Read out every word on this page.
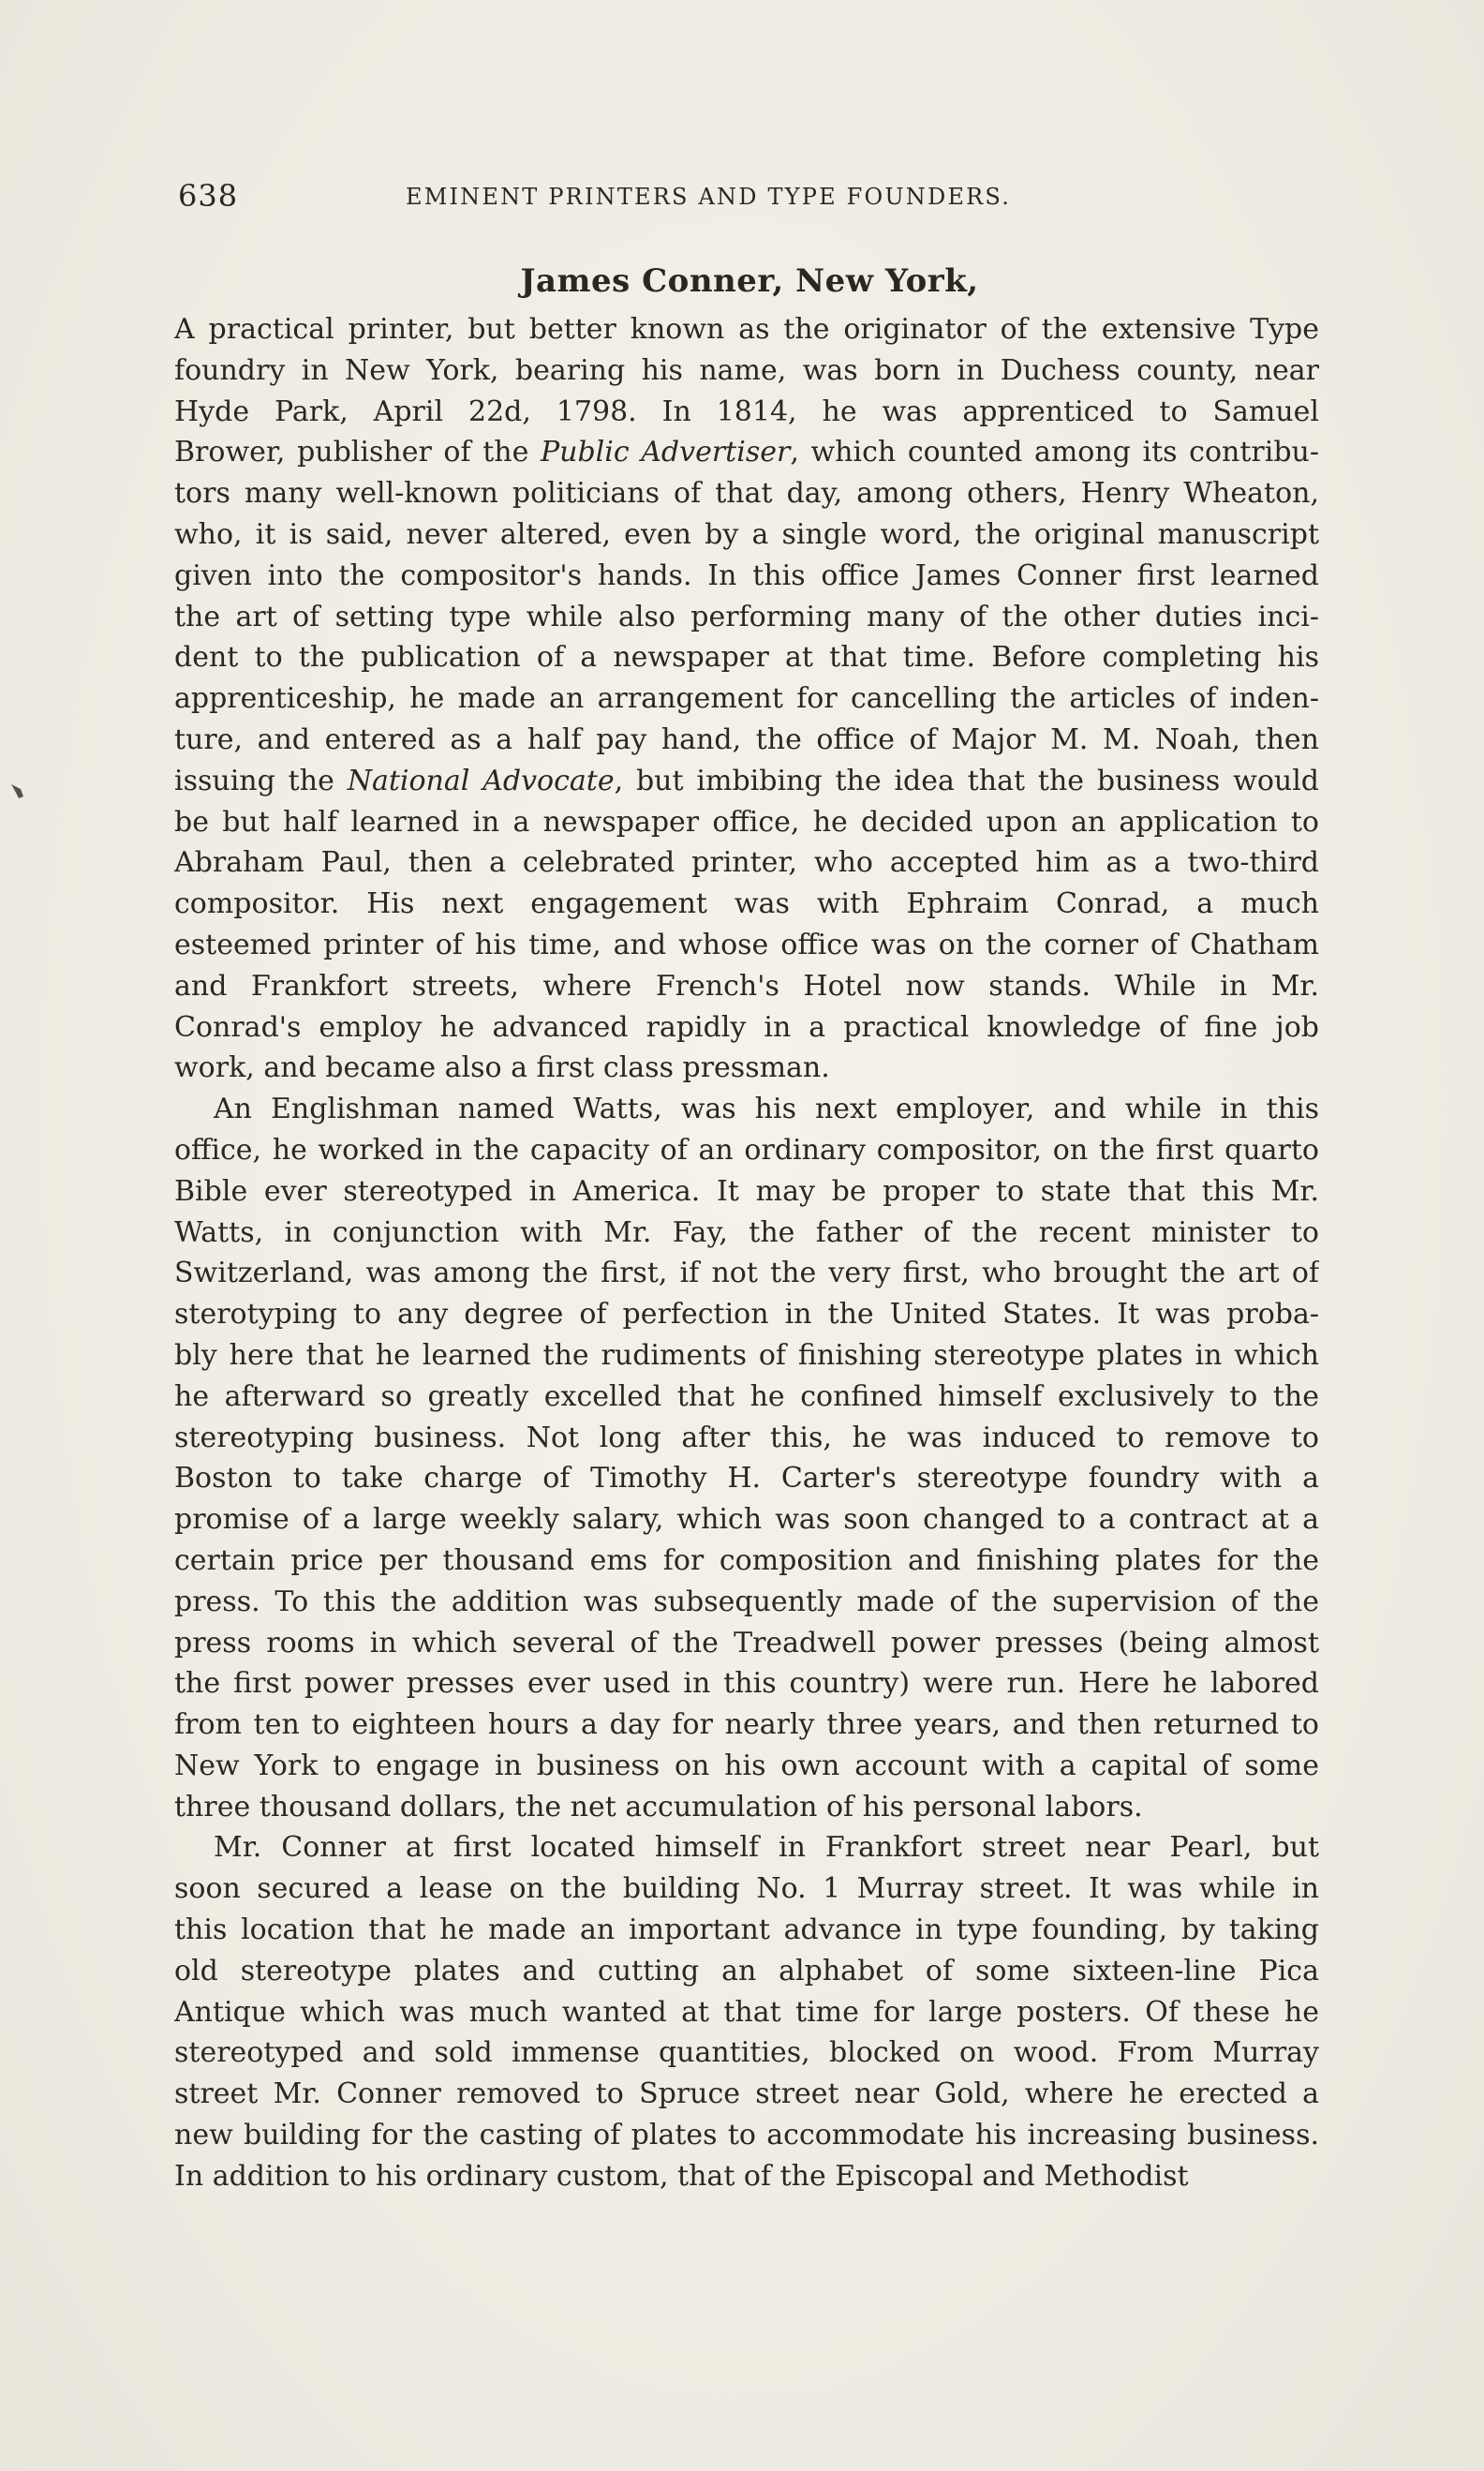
638	EMINENT PRINTERS AND TYPE FOUNDERS.
James Conner, New York,
A practical printer, but better known as the originator of the extensive Type
foundry in New York, bearing his name, was born in Duchess county, near
Hyde Park, April 22d, 1798. In 1814, he was apprenticed to Samuel
Brower, publisher of the Public Advertiser, which counted among its contribu-
tors many well-known politicians of that day, among others, Henry Wheaton,
who, it is said, never altered, even by a single word, the original manuscript
given into the compositor's hands. In this office James Conner first learned
the art of setting type while also performing many of the other duties inci-
dent to the publication of a newspaper at that time. Before completing his
apprenticeship, he made an arrangement for cancelling the articles of inden-
ture, and entered as a half pay hand, the office of Major M. M. Noah, then
issuing the National Advocate, but imbibing the idea that the business would
be but half learned in a newspaper office, he decided upon an application to
Abraham Paul, then a celebrated printer, who accepted him as a two-third
compositor. His next engagement was with Ephraim Conrad, a much
esteemed printer of his time, and whose office was on the corner of Chatham
and Frankfort streets, where French's Hotel now stands. While in Mr.
Conrad's employ he advanced rapidly in a practical knowledge of fine job
work, and became also a first class pressman.
An Englishman named Watts, was his next employer, and while in this
office, he worked in the capacity of an ordinary compositor, on the first quarto
Bible ever stereotyped in America. It may be proper to state that this Mr.
Watts, in conjunction with Mr. Fay, the father of the recent minister to
Switzerland, was among the first, if not the very first, who brought the art of
sterotyping to any degree of perfection in the United States. It was proba-
bly here that he learned the rudiments of finishing stereotype plates in which
he afterward so greatly excelled that he confined himself exclusively to the
stereotyping business. Not long after this, he was induced to remove to
Boston to take charge of Timothy H. Carter's stereotype foundry with a
promise of a large weekly salary, which was soon changed to a contract at a
certain price per thousand ems for composition and finishing plates for the
press. To this the addition was subsequently made of the supervision of the
press rooms in which several of the Treadwell power presses (being almost
the first power presses ever used in this country) were run. Here he labored
from ten to eighteen hours a day for nearly three years, and then returned to
New York to engage in business on his own account with a capital of some
three thousand dollars, the net accumulation of his personal labors.
Mr. Conner at first located himself in Frankfort street near Pearl, but
soon secured a lease on the building No. 1 Murray street. It was while in
this location that he made an important advance in type founding, by taking
old stereotype plates and cutting an alphabet of some sixteen-line Pica
Antique which was much wanted at that time for large posters. Of these he
stereotyped and sold immense quantities, blocked on wood. From Murray
street Mr. Conner removed to Spruce street near Gold, where he erected a
new building for the casting of plates to accommodate his increasing business.
In addition to his ordinary custom, that of the Episcopal and Methodist
